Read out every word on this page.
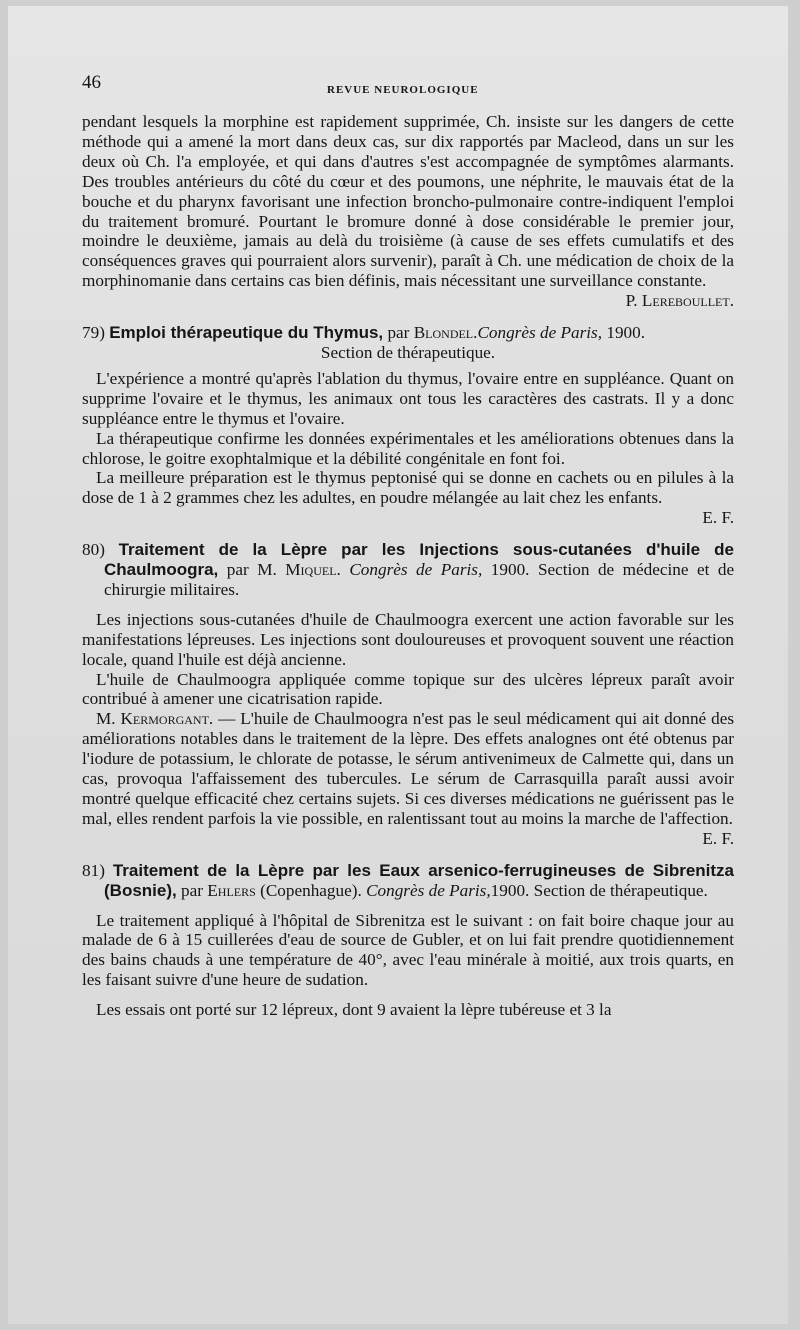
46	REVUE NEUROLOGIQUE

pendant lesquels la morphine est rapidement supprimée, Ch. insiste sur les dangers de cette méthode qui a amené la mort dans deux cas, sur dix rapportés par Macleod, dans un sur les deux où Ch. l'a employée, et qui dans d'autres s'est accompagnée de symptômes alarmants. Des troubles antérieurs du côté du cœur et des poumons, une néphrite, le mauvais état de la bouche et du pharynx favorisant une infection broncho-pulmonaire contre-indiquent l'emploi du traitement bromuré. Pourtant le bromure donné à dose considérable le premier jour, moindre le deuxième, jamais au delà du troisième (à cause de ses effets cumulatifs et des conséquences graves qui pourraient alors survenir), paraît à Ch. une médication de choix de la morphinomanie dans certains cas bien définis, mais nécessitant une surveillance constante.

P. Lereboullet.

79) Emploi thérapeutique du Thymus, par Blondel.Congrès de Paris, 1900.

Section de thérapeutique.

L'expérience a montré qu'après l'ablation du thymus, l'ovaire entre en suppléance. Quant on supprime l'ovaire et le thymus, les animaux ont tous les caractères des castrats. Il y a donc suppléance entre le thymus et l'ovaire.

La thérapeutique confirme les données expérimentales et les améliorations obtenues dans la chlorose, le goitre exophtalmique et la débilité congénitale en font foi.

La meilleure préparation est le thymus peptonisé qui se donne en cachets ou en pilules à la dose de 1 à 2 grammes chez les adultes, en poudre mélangée au lait chez les enfants.

E. F.

80) Traitement de la Lèpre par les Injections sous-cutanées d'huile de Chaulmoogra, par M. Miquel. Congrès de Paris, 1900. Section de médecine et de chirurgie militaires.

Les injections sous-cutanées d'huile de Chaulmoogra exercent une action favorable sur les manifestations lépreuses. Les injections sont douloureuses et provoquent souvent une réaction locale, quand l'huile est déjà ancienne.

L'huile de Chaulmoogra appliquée comme topique sur des ulcères lépreux paraît avoir contribué à amener une cicatrisation rapide.

M. Kermorgant. — L'huile de Chaulmoogra n'est pas le seul médicament qui ait donné des améliorations notables dans le traitement de la lèpre. Des effets analognes ont été obtenus par l'iodure de potassium, le chlorate de potasse, le sérum antivenimeux de Calmette qui, dans un cas, provoqua l'affaissement des tubercules. Le sérum de Carrasquilla paraît aussi avoir montré quelque efficacité chez certains sujets. Si ces diverses médications ne guérissent pas le mal, elles rendent parfois la vie possible, en ralentissant tout au moins la marche de l'affection.

E. F.

81) Traitement de la Lèpre par les Eaux arsenico-ferrugineuses de Sibrenitza (Bosnie), par Ehlers (Copenhague). Congrès de Paris,1900. Section de thérapeutique.

Le traitement appliqué à l'hôpital de Sibrenitza est le suivant : on fait boire chaque jour au malade de 6 à 15 cuillerées d'eau de source de Gubler, et on lui fait prendre quotidiennement des bains chauds à une température de 40°, avec l'eau minérale à moitié, aux trois quarts, en les faisant suivre d'une heure de sudation.

Les essais ont porté sur 12 lépreux, dont 9 avaient la lèpre tubéreuse et 3 la
